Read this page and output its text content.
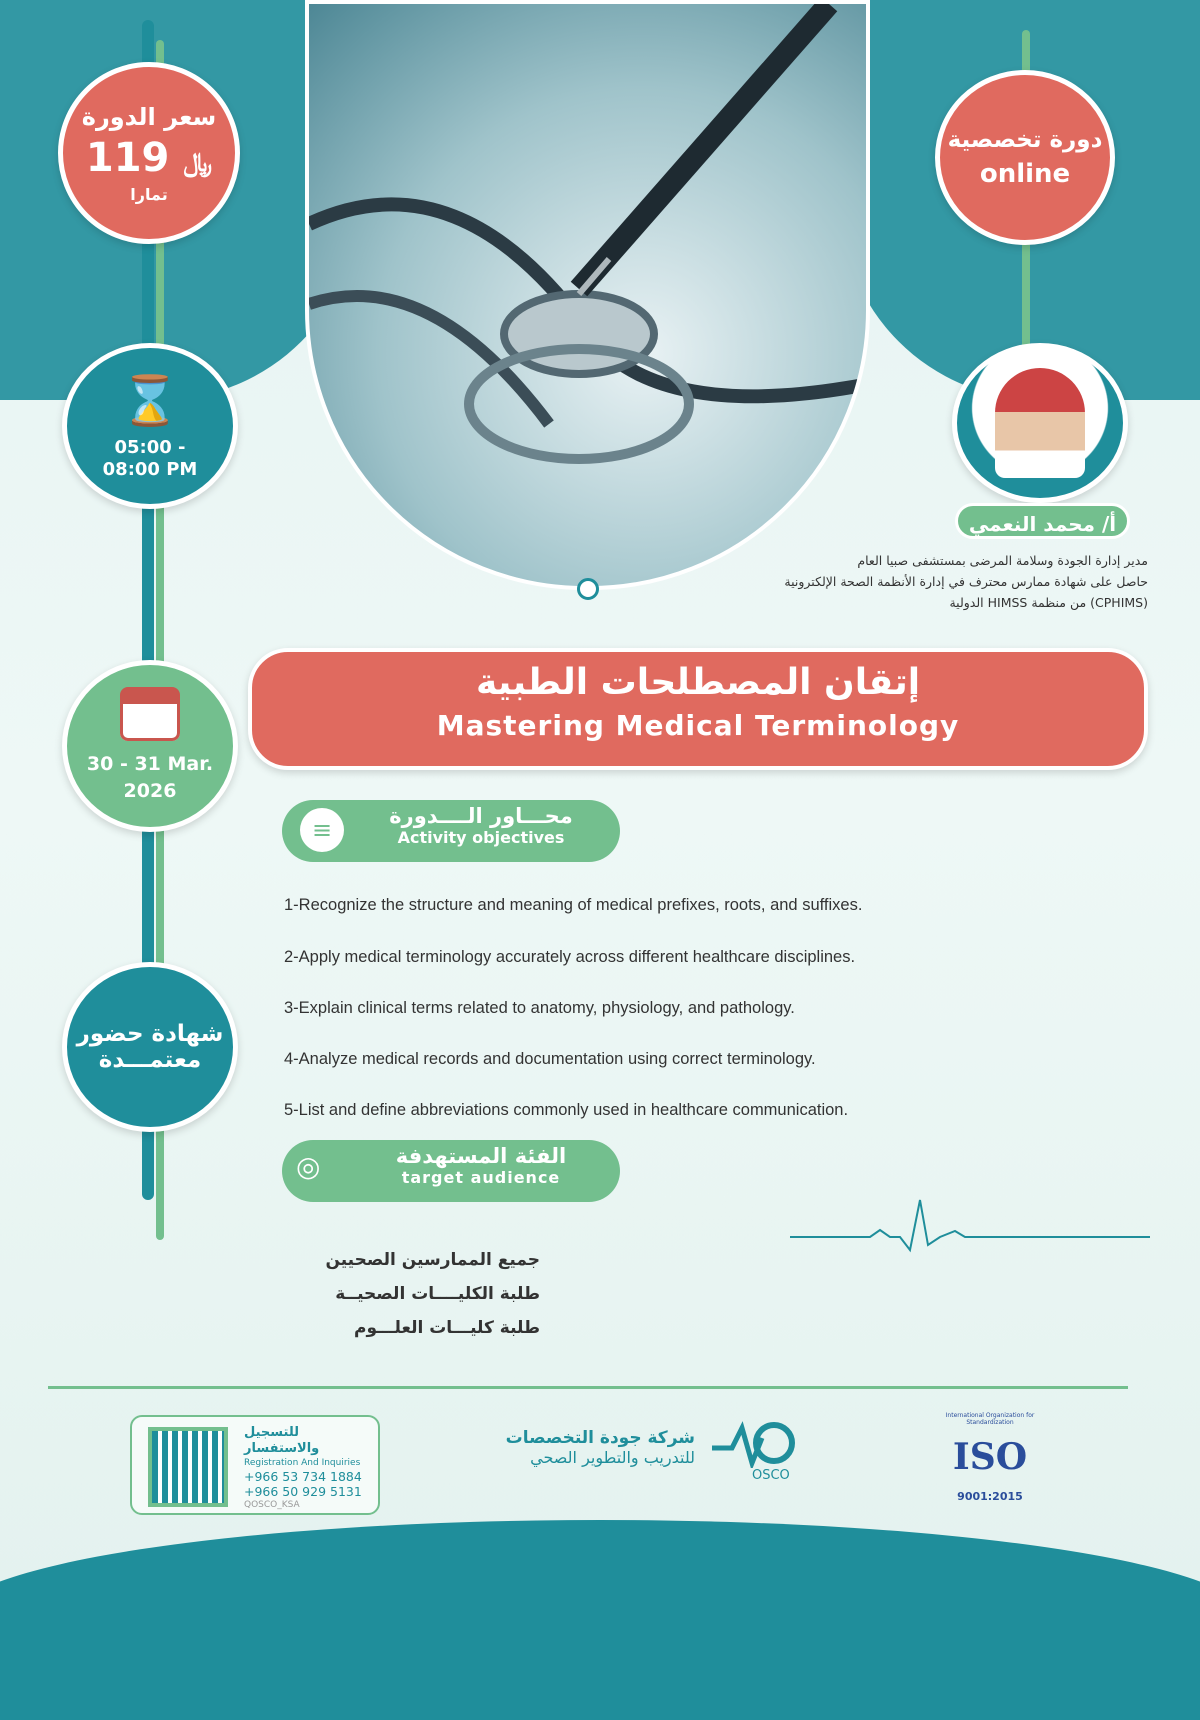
سعر الدورة
119 ﷼
تمارا
⌛
05:00 - 08:00 PM
30 - 31 Mar. 2026
شهادة حضور
معتمـــدة
دورة تخصصية
online
أ/ محمد النعمي
مدير إدارة الجودة وسلامة المرضى بمستشفى صبيا العام
حاصل على شهادة ممارس محترف في إدارة الأنظمة الصحة الإلكترونية (CPHIMS) من منظمة HIMSS الدولية
إتقان المصطلحات الطبية
Mastering Medical Terminology
≡	محـــاور الــــدورة
Activity objectives
1-Recognize the structure and meaning of medical prefixes, roots, and suffixes.
2-Apply medical terminology accurately across different healthcare disciplines.
3-Explain clinical terms related to anatomy, physiology, and pathology.
4-Analyze medical records and documentation using correct terminology.
5-List and define abbreviations commonly used in healthcare communication.
◎	الفئة المستهدفة
target audience
جميع الممارسين الصحيين
طلبة الكليــــات الصحيــة
طلبة كليـــات العلـــوم
للتسجيل والاستفسار
Registration And Inquiries
+966 53 734 1884
+966 50 929 5131
QOSCO_KSA
شركة جودة التخصصات
للتدريب والتطوير الصحي
OSCO
International Organization for Standardization
ISO
9001:2015
